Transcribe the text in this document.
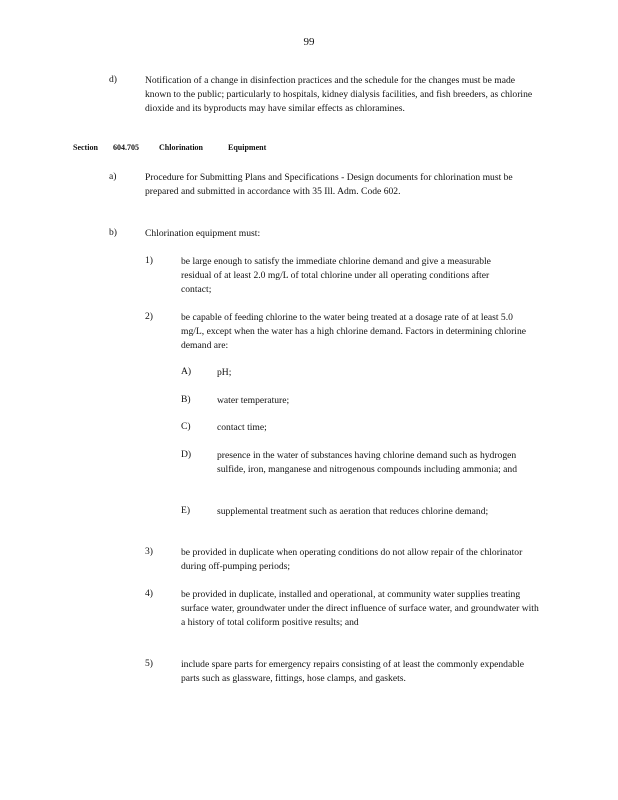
99
d)	Notification of a change in disinfection practices and the schedule for the changes must be made known to the public; particularly to hospitals, kidney dialysis facilities, and fish breeders, as chlorine dioxide and its byproducts may have similar effects as chloramines.
Section 604.705	Chlorination	Equipment
a)	Procedure for Submitting Plans and Specifications - Design documents for chlorination must be prepared and submitted in accordance with 35 Ill. Adm. Code 602.
b)	Chlorination equipment must:
1)	be large enough to satisfy the immediate chlorine demand and give a measurable residual of at least 2.0 mg/L of total chlorine under all operating conditions after contact;
2)	be capable of feeding chlorine to the water being treated at a dosage rate of at least 5.0 mg/L, except when the water has a high chlorine demand. Factors in determining chlorine demand are:
A)	pH;
B)	water temperature;
C)	contact time;
D)	presence in the water of substances having chlorine demand such as hydrogen sulfide, iron, manganese and nitrogenous compounds including ammonia; and
E)	supplemental treatment such as aeration that reduces chlorine demand;
3)	be provided in duplicate when operating conditions do not allow repair of the chlorinator during off-pumping periods;
4)	be provided in duplicate, installed and operational, at community water supplies treating surface water, groundwater under the direct influence of surface water, and groundwater with a history of total coliform positive results; and
5)	include spare parts for emergency repairs consisting of at least the commonly expendable parts such as glassware, fittings, hose clamps, and gaskets.
